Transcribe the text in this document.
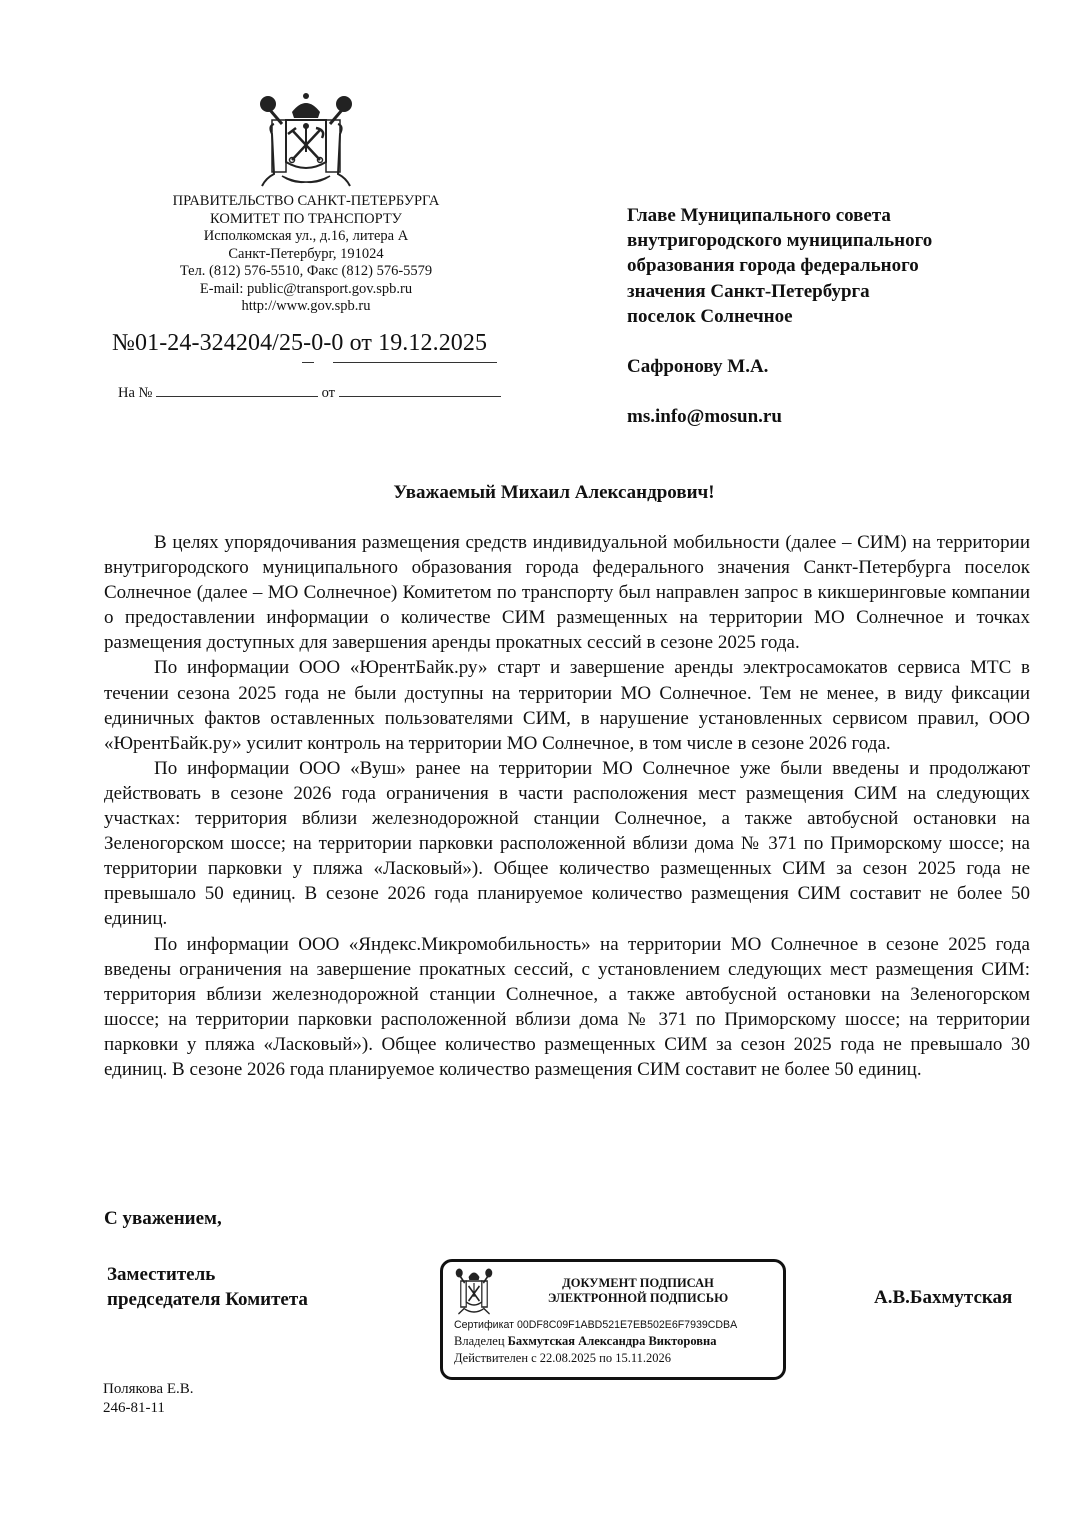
ПРАВИТЕЛЬСТВО САНКТ-ПЕТЕРБУРГА
КОМИТЕТ ПО ТРАНСПОРТУ
Исполкомская ул., д.16, литера А
Санкт-Петербург, 191024
Тел. (812) 576-5510, Факс (812) 576-5579
E-mail: public@transport.gov.spb.ru
http://www.gov.spb.ru
№01-24-324204/25-0-0 от 19.12.2025
На №	от
Главе Муниципального совета
внутригородского муниципального
образования города федерального
значения Санкт-Петербурга
поселок Солнечное
Сафронову М.А.
ms.info@mosun.ru
Уважаемый Михаил Александрович!

В целях упорядочивания размещения средств индивидуальной мобильности (далее – СИМ) на территории внутригородского муниципального образования города федерального значения Санкт-Петербурга поселок Солнечное (далее – МО Солнечное) Комитетом по транспорту был направлен запрос в кикшеринговые компании о предоставлении информации о количестве СИМ размещенных на территории МО Солнечное и точках размещения доступных для завершения аренды прокатных сессий в сезоне 2025 года.

По информации ООО «ЮрентБайк.ру» старт и завершение аренды электросамокатов сервиса МТС в течении сезона 2025 года не были доступны на территории МО Солнечное. Тем не менее, в виду фиксации единичных фактов оставленных пользователями СИМ, в нарушение установленных сервисом правил, ООО «ЮрентБайк.ру» усилит контроль на территории МО Солнечное, в том числе в сезоне 2026 года.

По информации ООО «Вуш» ранее на территории МО Солнечное уже были введены и продолжают действовать в сезоне 2026 года ограничения в части расположения мест размещения СИМ на следующих участках: территория вблизи железнодорожной станции Солнечное, а также автобусной остановки на Зеленогорском шоссе; на территории парковки расположенной вблизи дома № 371 по Приморскому шоссе; на территории парковки у пляжа «Ласковый»). Общее количество размещенных СИМ за сезон 2025 года не превышало 50 единиц. В сезоне 2026 года планируемое количество размещения СИМ составит не более 50 единиц.

По информации ООО «Яндекс.Микромобильность» на территории МО Солнечное в сезоне 2025 года введены ограничения на завершение прокатных сессий, с установлением следующих мест размещения СИМ: территория вблизи железнодорожной станции Солнечное, а также автобусной остановки на Зеленогорском шоссе; на территории парковки расположенной вблизи дома № 371 по Приморскому шоссе; на территории парковки у пляжа «Ласковый»). Общее количество размещенных СИМ за сезон 2025 года не превышало 30 единиц. В сезоне 2026 года планируемое количество размещения СИМ составит не более 50 единиц.

С уважением,
Заместитель
председателя Комитета
ДОКУМЕНТ ПОДПИСАН
ЭЛЕКТРОННОЙ ПОДПИСЬЮ
Сертификат 00DF8C09F1ABD521E7EB502E6F7939CDBA
Владелец Бахмутская Александра Викторовна
Действителен с 22.08.2025 по 15.11.2026
А.В.Бахмутская
Полякова Е.В.
246-81-11
